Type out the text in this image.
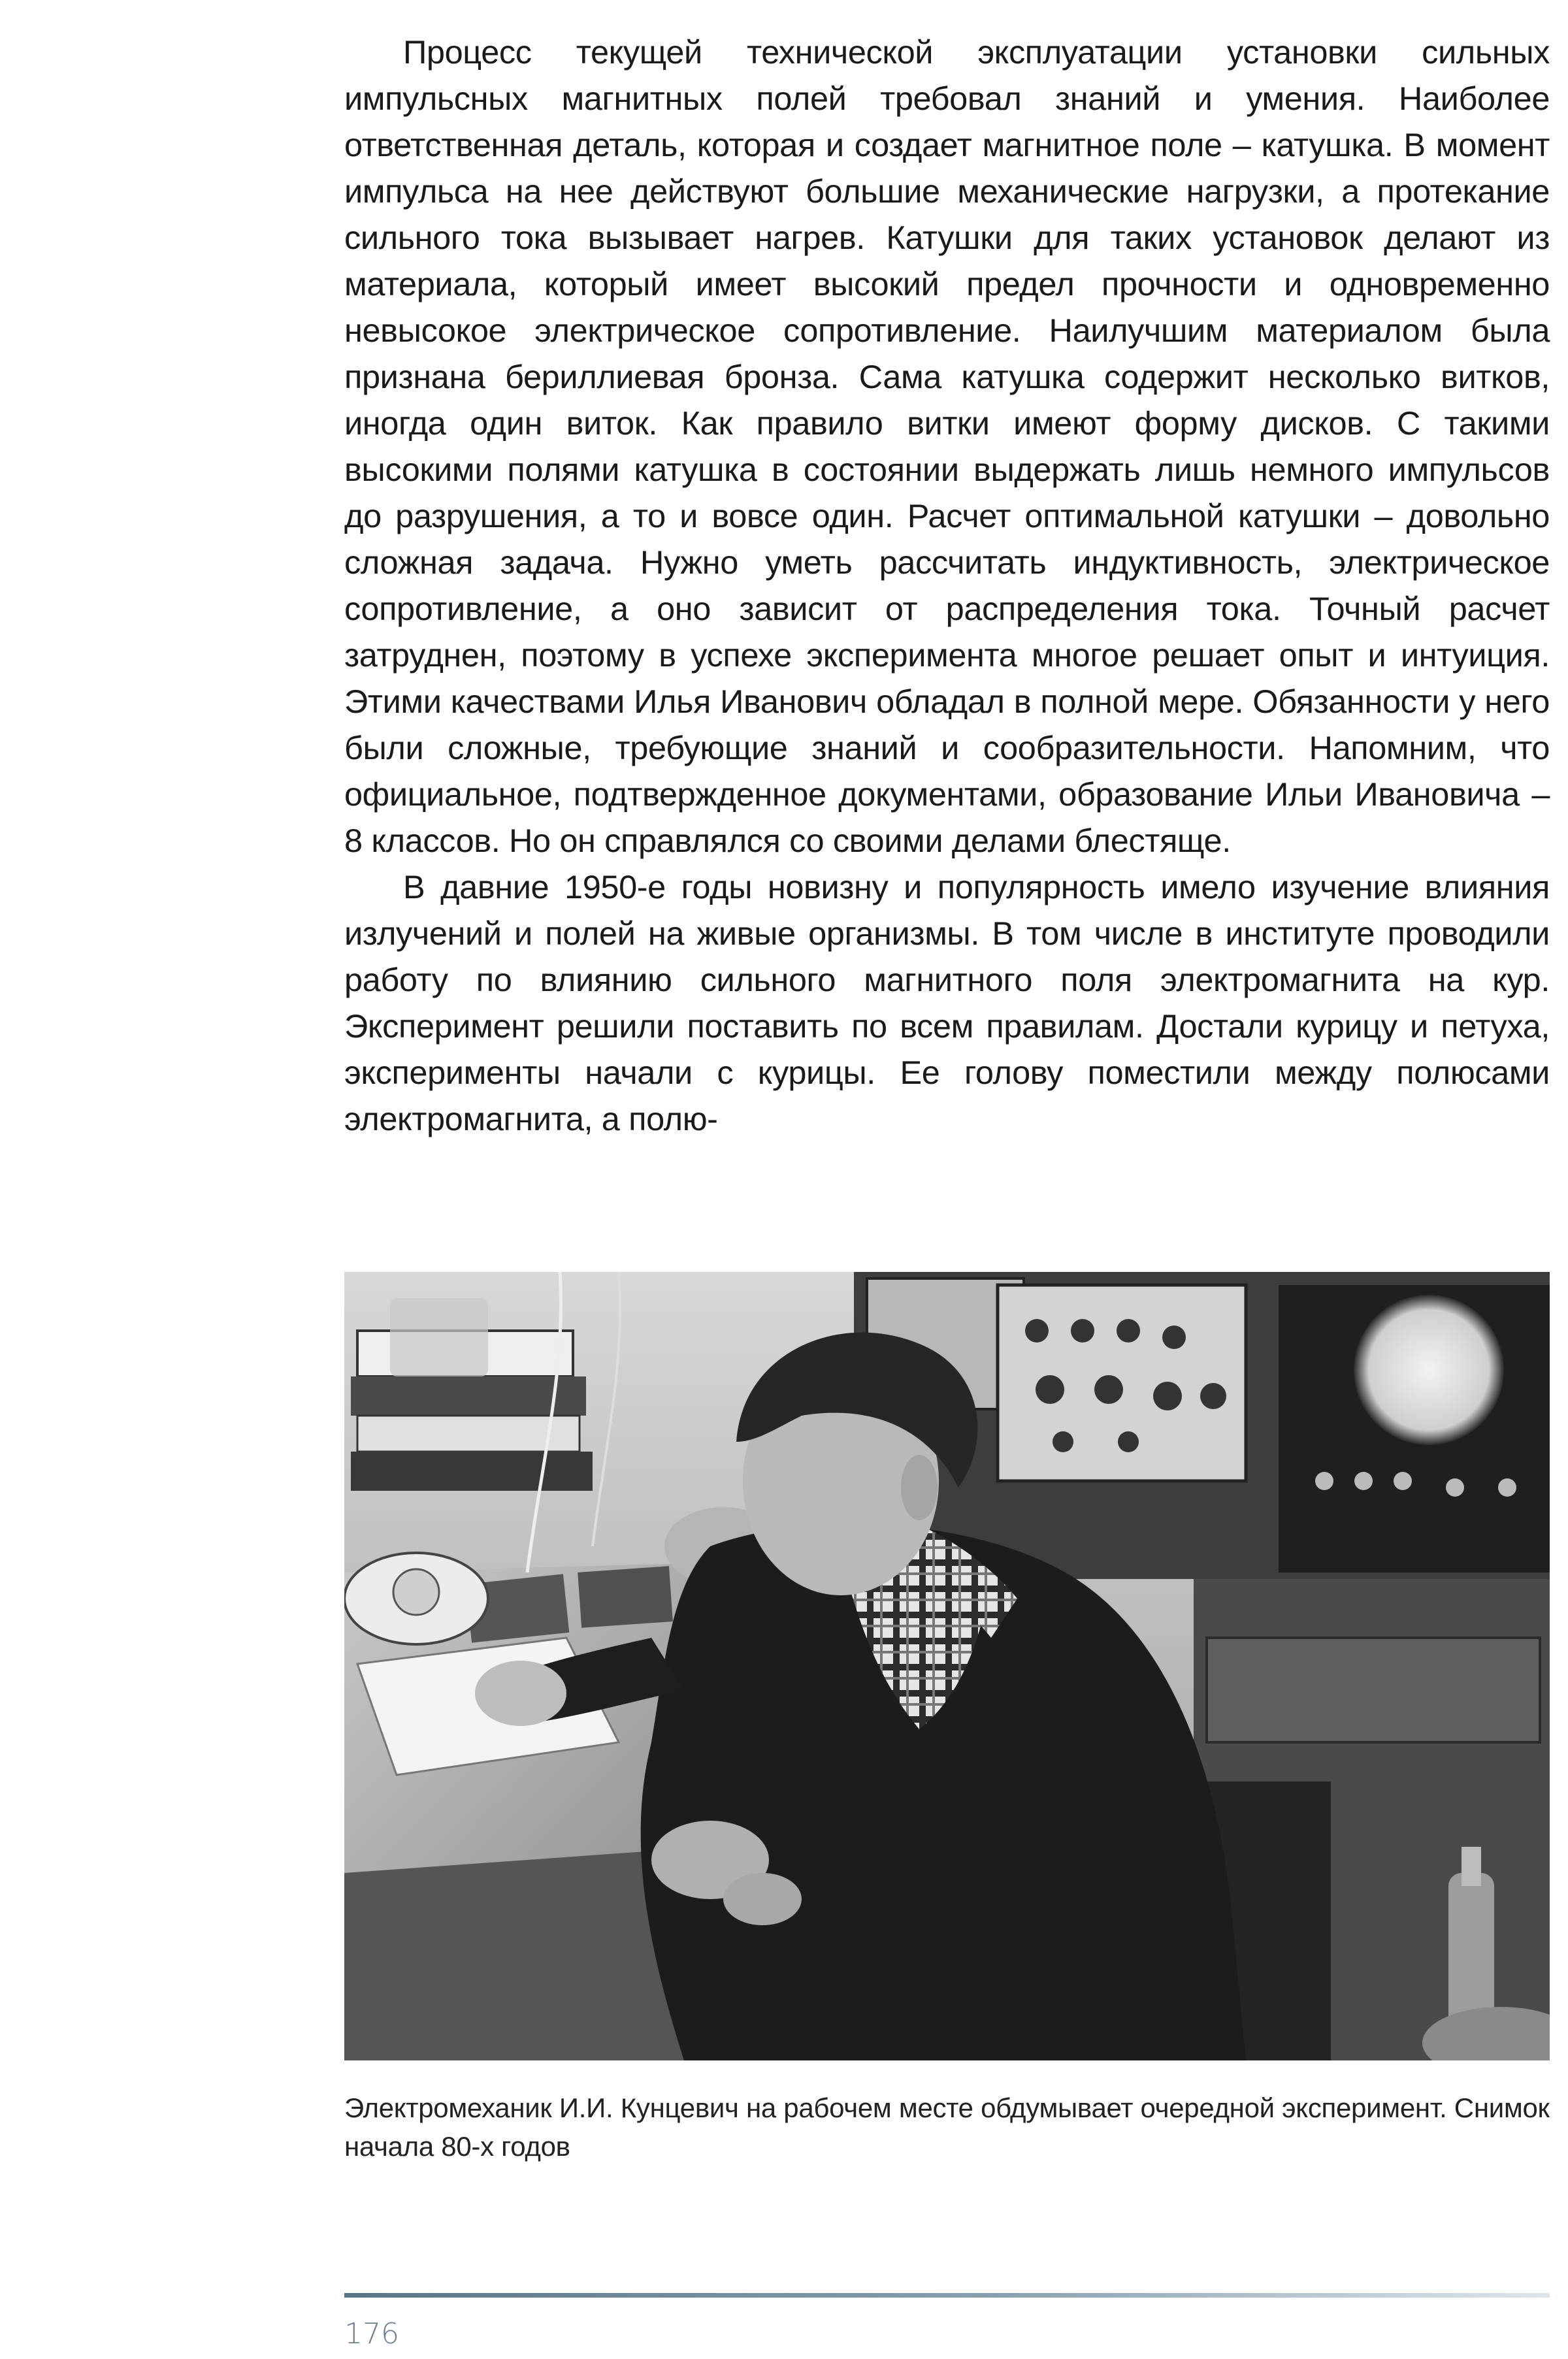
Процесс текущей технической эксплуатации установки сильных импульсных магнитных полей требовал знаний и умения. Наиболее ответственная деталь, которая и создает магнитное поле – катушка. В момент импульса на нее действуют большие механические нагрузки, а протекание сильного тока вызывает нагрев. Катушки для таких установок делают из материала, который имеет высокий предел прочности и одновременно невысокое электрическое сопротивление. Наилучшим материалом была признана бериллиевая бронза. Сама катушка содержит несколько витков, иногда один виток. Как правило витки имеют форму дисков. С такими высокими полями катушка в состоянии выдержать лишь немного импульсов до разрушения, а то и вовсе один. Расчет оптимальной катушки – довольно сложная задача. Нужно уметь рассчитать индуктивность, электрическое сопротивление, а оно зависит от распределения тока. Точный расчет затруднен, поэтому в успехе эксперимента многое решает опыт и интуиция. Этими качествами Илья Иванович обладал в полной мере. Обязанности у него были сложные, требующие знаний и сообразительности. Напомним, что официальное, подтвержденное документами, образование Ильи Ивановича – 8 классов. Но он справлялся со своими делами блестяще.

В давние 1950-е годы новизну и популярность имело изучение влияния излучений и полей на живые организмы. В том числе в институте проводили работу по влиянию сильного магнитного поля электромагнита на кур. Эксперимент решили поставить по всем правилам. Достали курицу и петуха, эксперименты начали с курицы. Ее голову поместили между полюсами электромагнита, а полю-

Электромеханик И.И. Кунцевич на рабочем месте обдумывает очередной эксперимент. Снимок начала 80-х годов

176
